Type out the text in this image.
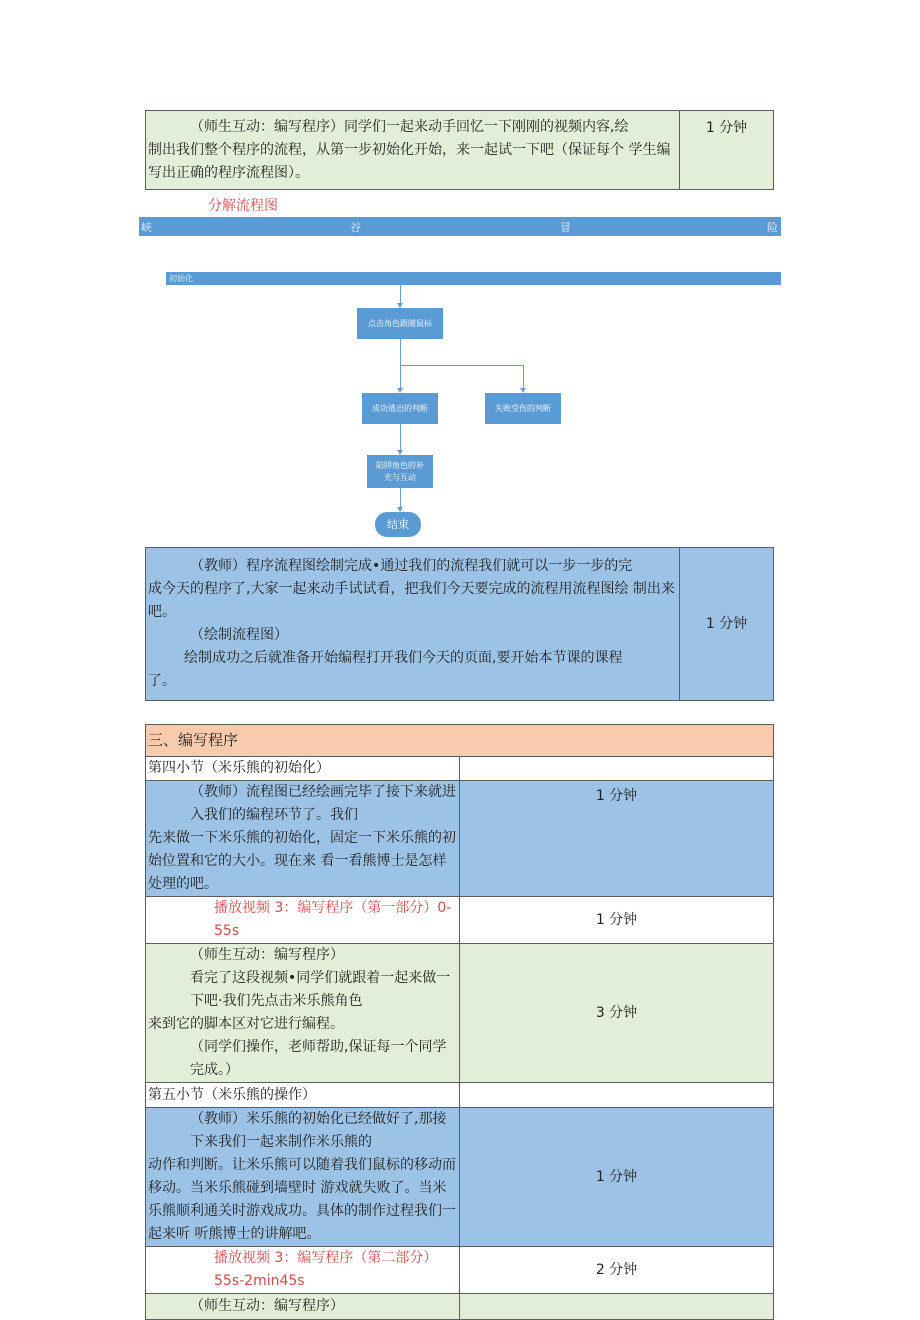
（师生互动：编写程序）同学们一起来动手回忆一下刚刚的视频内容,绘
制出我们整个程序的流程，从第一步初始化开始，来一起试一下吧（保证每个 学生编写出正确的程序流程图）。	1 分钟
分解流程图
峡	谷	冒	险
初始化
点击角色跟随鼠标
成功逃出的判断	失败受伤的判断
陷阱角色的补
充与互动
结束
（教师）程序流程图绘制完成•通过我们的流程我们就可以一步一步的完
成今天的程序了,大家一起来动手试试看，把我们今天要完成的流程用流程图绘 制出来吧。
（绘制流程图）
绘制成功之后就准备开始编程打开我们今天的页面,要开始本节课的课程
了。	1 分钟
三、编写程序	
第四小节（米乐熊的初始化）	

（教师）流程图已经绘画完毕了接下来就进入我们的编程环节了。我们
先来做一下米乐熊的初始化，固定一下米乐熊的初始位置和它的大小。现在来 看一看熊博士是怎样处理的吧。	1 分钟

播放视频 3：编写程序（第一部分）0-55s	1 分钟

（师生互动：编写程序）
看完了这段视频•同学们就跟着一起来做一下吧·我们先点击米乐熊角色
来到它的脚本区对它进行编程。
（同学们操作，老师帮助,保证每一个同学完成。）	3 分钟
第五小节（米乐熊的操作）	

（教师）米乐熊的初始化已经做好了,那接下来我们一起来制作米乐熊的
动作和判断。让米乐熊可以随着我们鼠标的移动而移动。当米乐熊碰到墙壁时 游戏就失败了。当米乐熊顺利通关时游戏成功。具体的制作过程我们一起来听 听熊博士的讲解吧。	1 分钟

播放视频 3：编写程序（第二部分）55s-2min45s	2 分钟

（师生互动：编写程序）	
